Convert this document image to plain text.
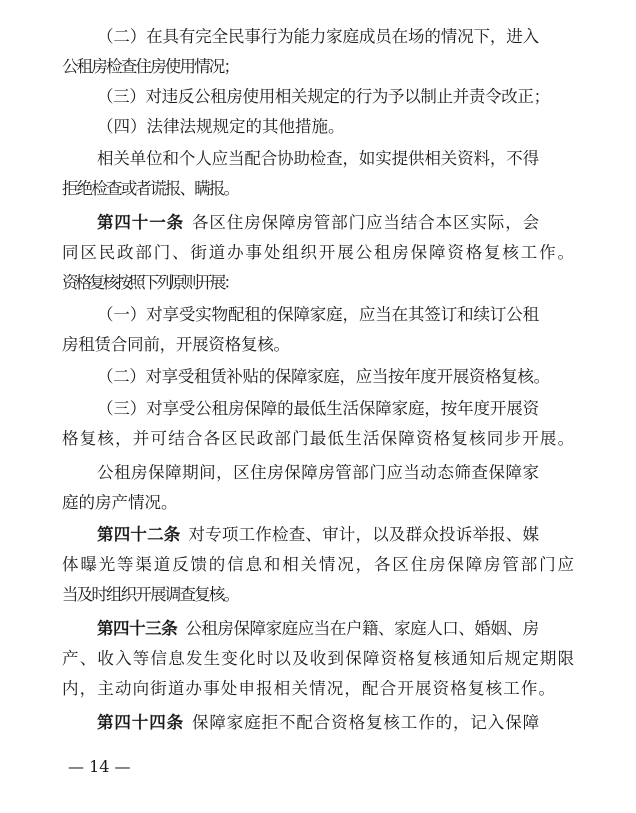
（二）在具有完全民事行为能力家庭成员在场的情况下，进入
公租房检查住房使用情况；
（三）对违反公租房使用相关规定的行为予以制止并责令改正；
（四）法律法规规定的其他措施。
相关单位和个人应当配合协助检查，如实提供相关资料，不得
拒绝检查或者谎报、瞒报。
第四十一条 各区住房保障房管部门应当结合本区实际，会
同区民政部门、街道办事处组织开展公租房保障资格复核工作。
资格复核按照下列原则开展：
（一）对享受实物配租的保障家庭，应当在其签订和续订公租
房租赁合同前，开展资格复核。
（二）对享受租赁补贴的保障家庭，应当按年度开展资格复核。
（三）对享受公租房保障的最低生活保障家庭，按年度开展资
格复核，并可结合各区民政部门最低生活保障资格复核同步开展。
公租房保障期间，区住房保障房管部门应当动态筛查保障家
庭的房产情况。
第四十二条 对专项工作检查、审计，以及群众投诉举报、媒
体曝光等渠道反馈的信息和相关情况，各区住房保障房管部门应
当及时组织开展调查复核。
第四十三条 公租房保障家庭应当在户籍、家庭人口、婚姻、房
产、收入等信息发生变化时以及收到保障资格复核通知后规定期限
内，主动向街道办事处申报相关情况，配合开展资格复核工作。
第四十四条 保障家庭拒不配合资格复核工作的，记入保障
— 14 —
